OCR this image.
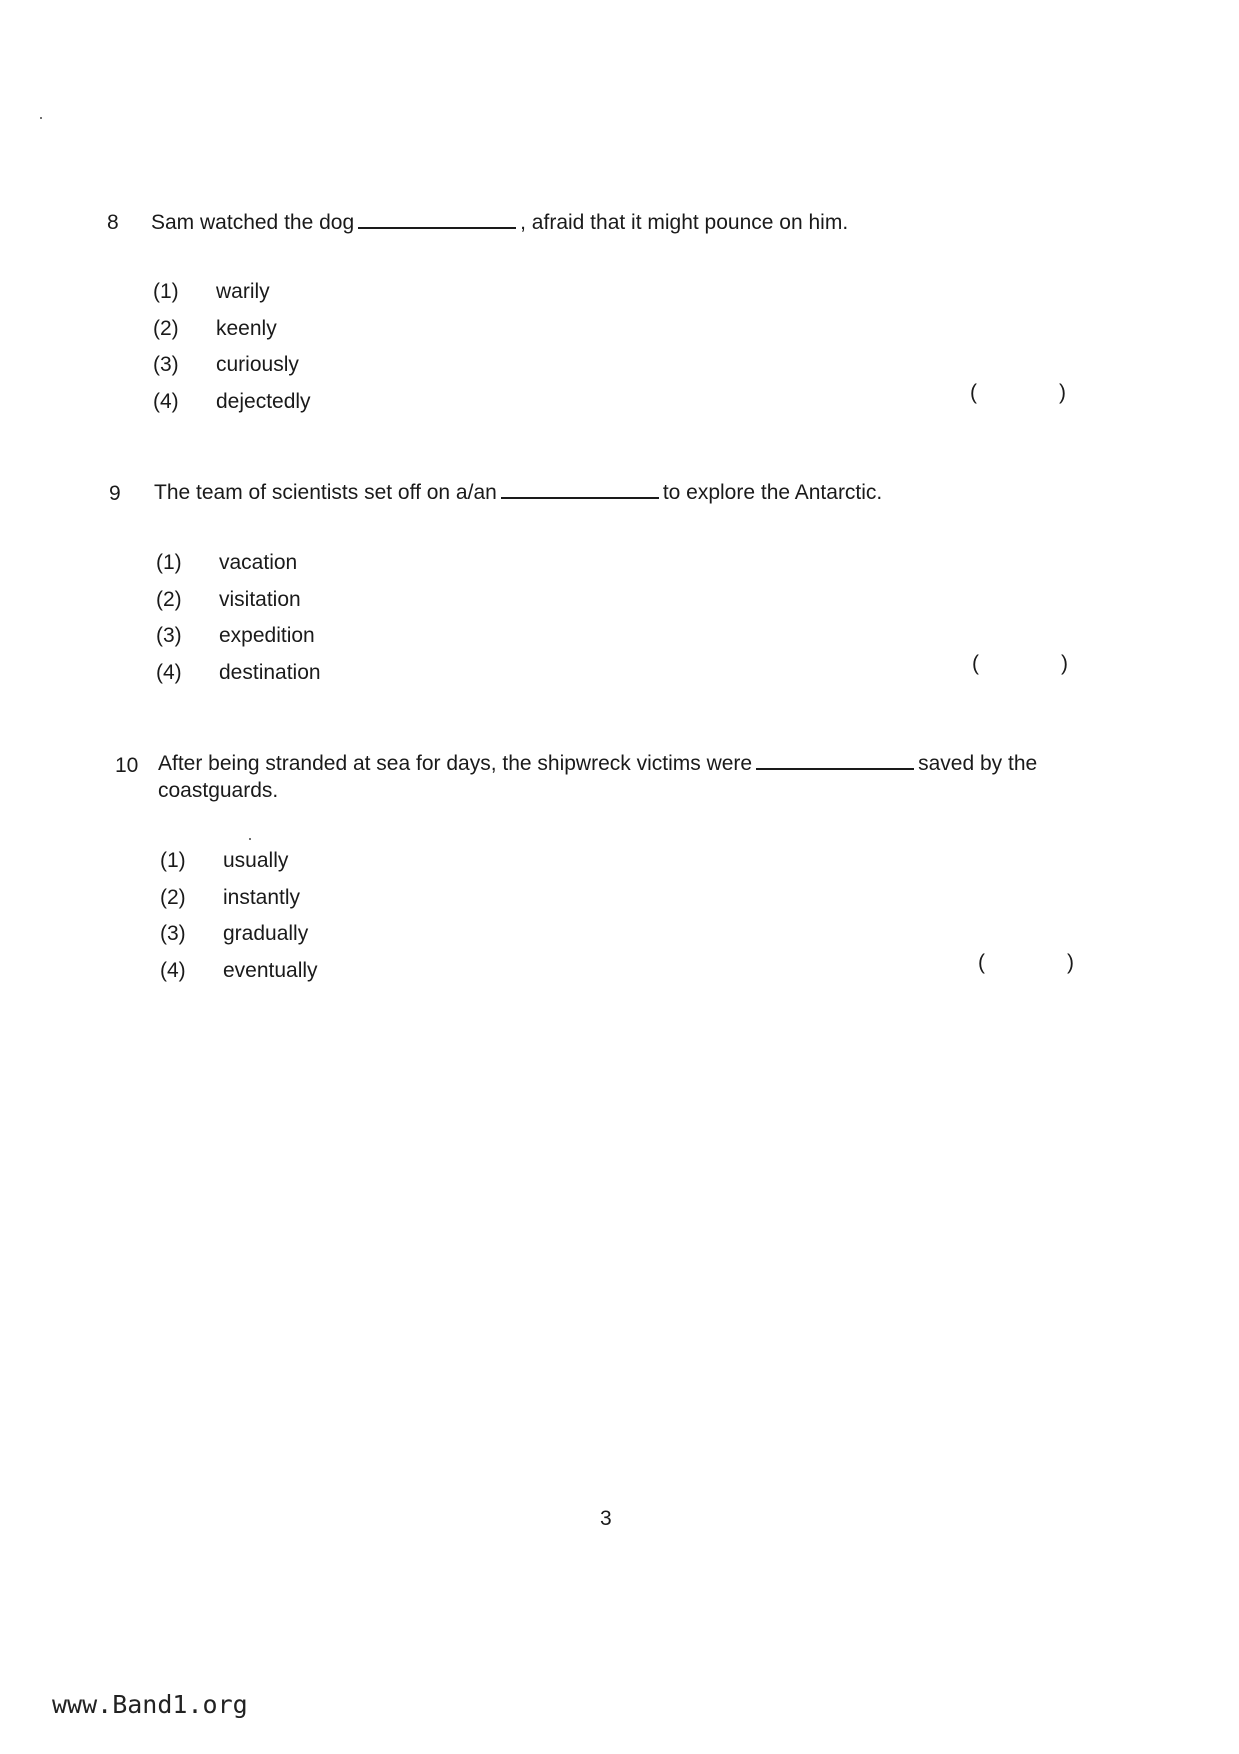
8 Sam watched the dog	, afraid that it might pounce on him.
(1) warily
(2) keenly
(3) curiously
(4) dejectedly	(	)
9 The team of scientists set off on a/an	to explore the Antarctic.
(1) vacation
(2) visitation
(3) expedition
(4) destination	(	)
10 After being stranded at sea for days, the shipwreck victims were	saved by the coastguards.
(1) usually
(2) instantly
(3) gradually
(4) eventually	(	)
3
www.Band1.org
